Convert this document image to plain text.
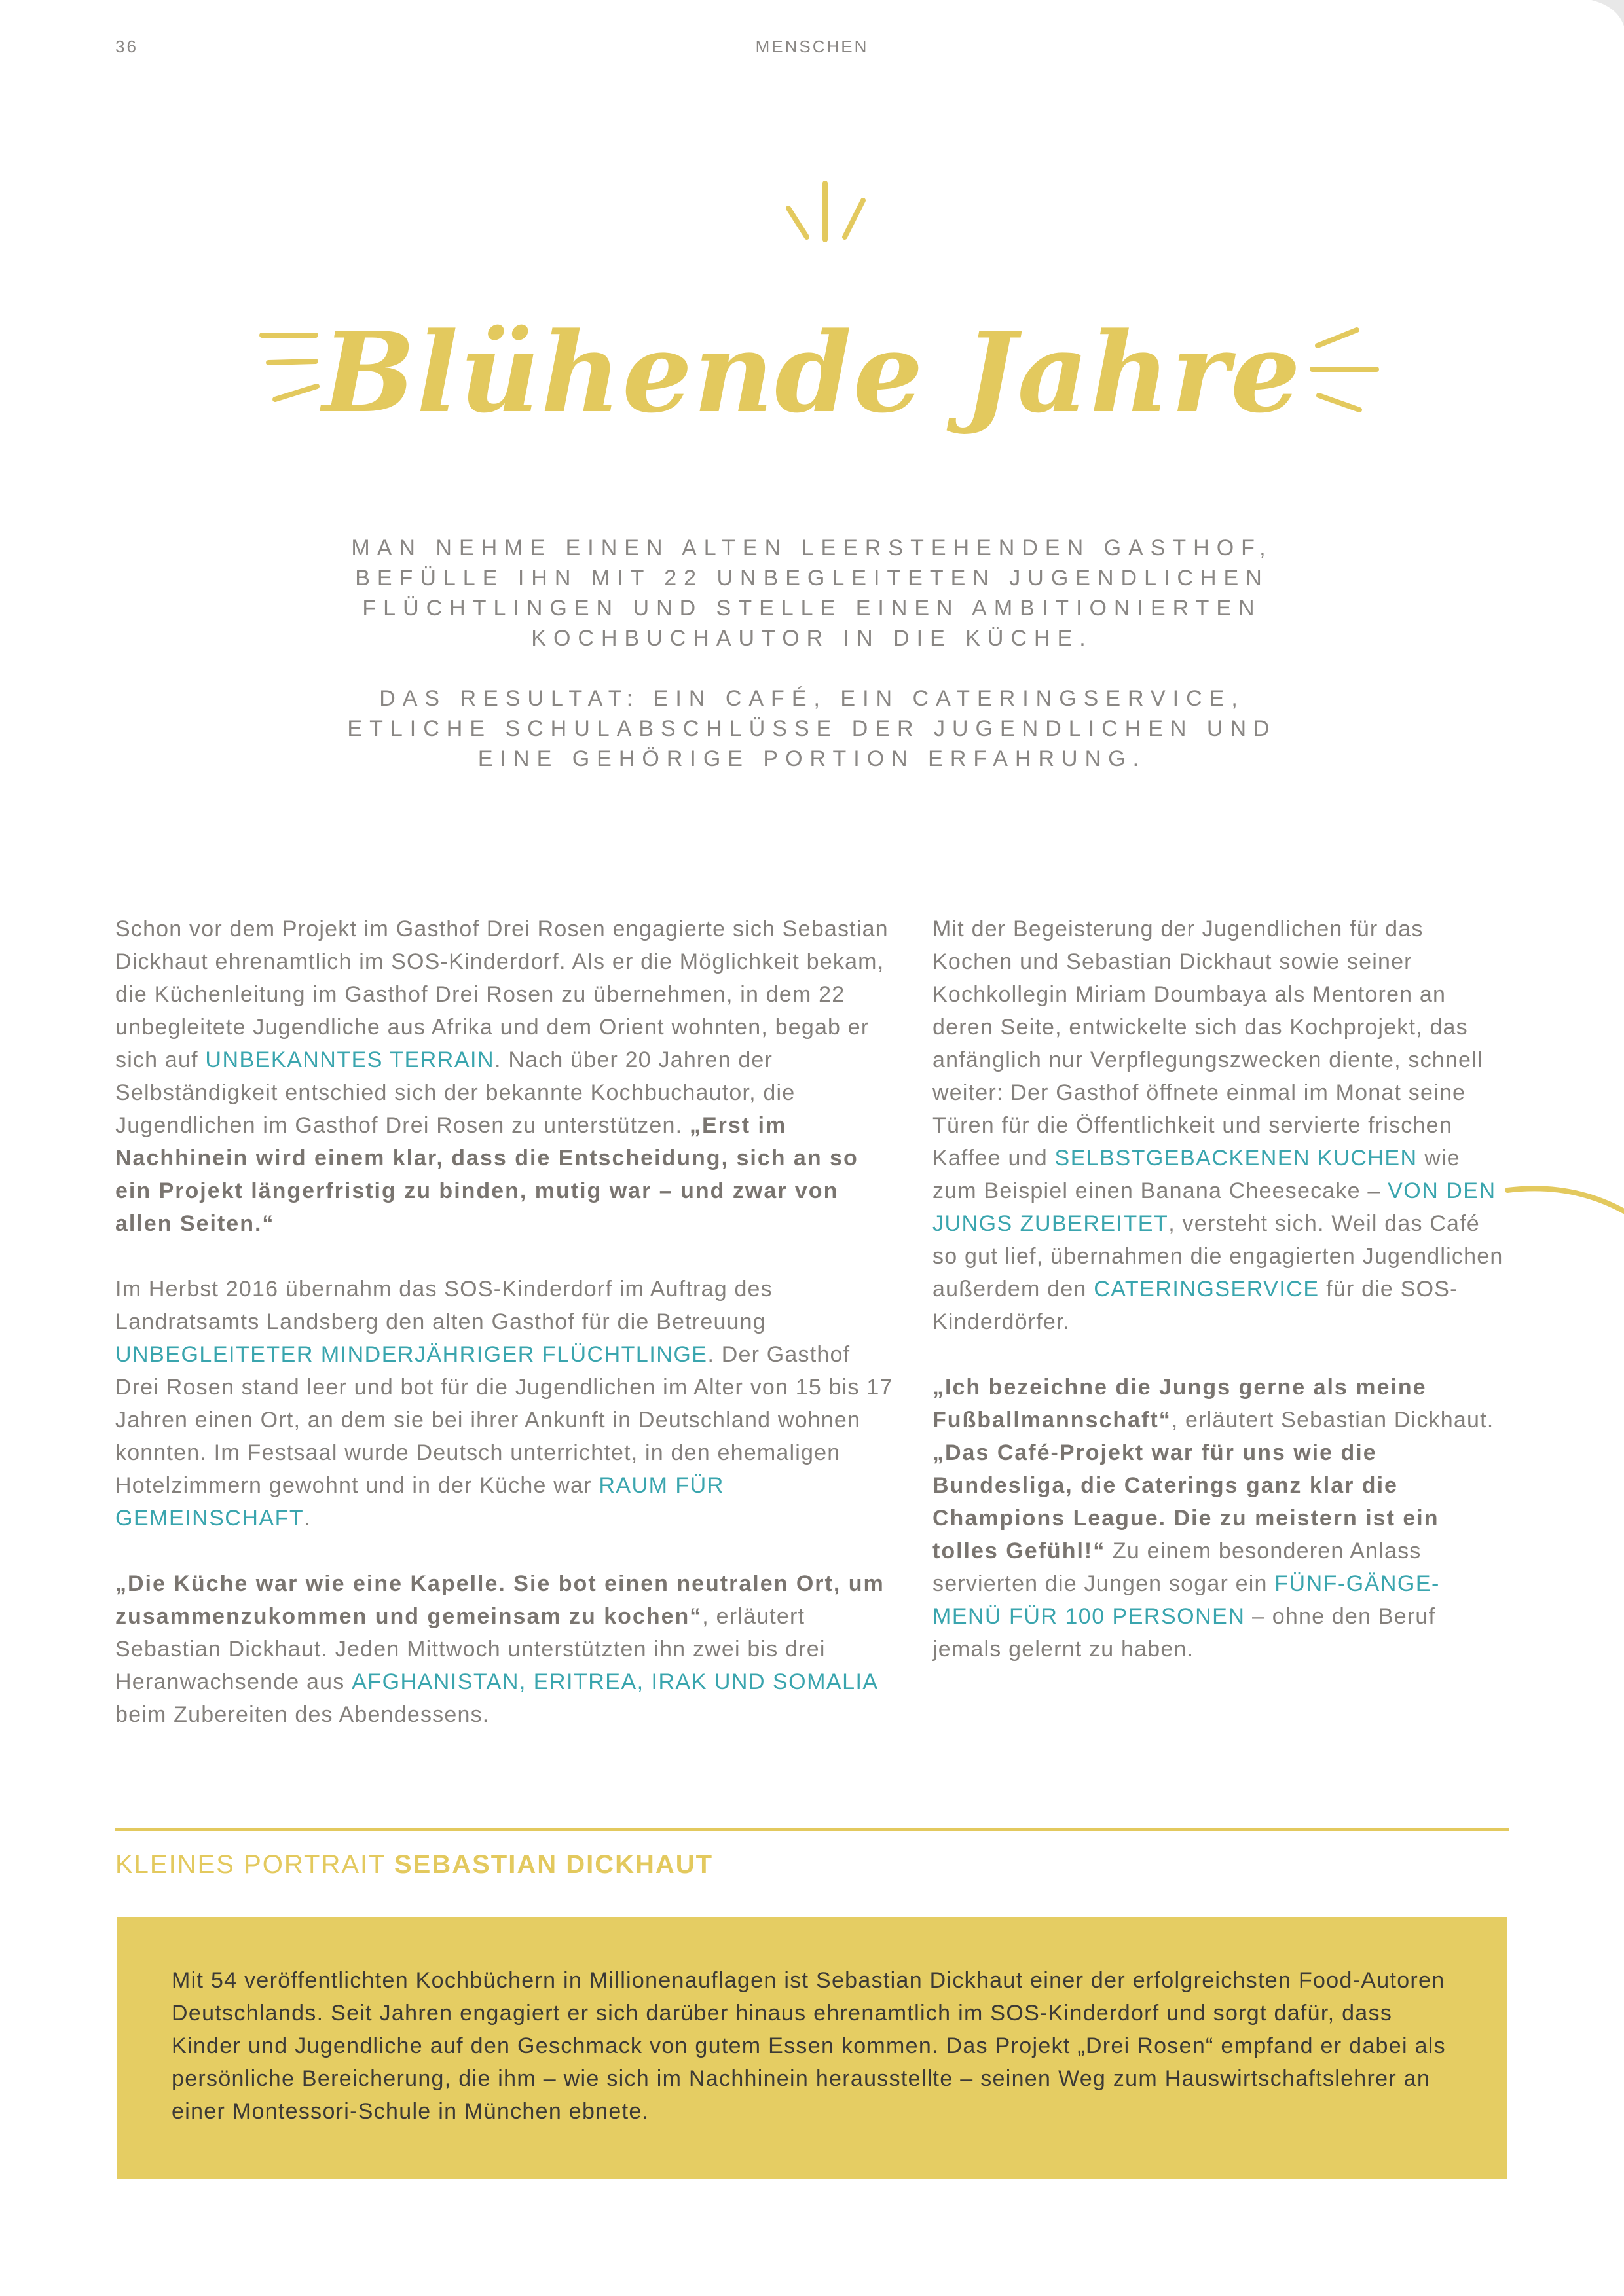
36	MENSCHEN
Blühende Jahre
MAN NEHME EINEN ALTEN LEERSTEHENDEN GASTHOF, BEFÜLLE IHN MIT 22 UNBEGLEITETEN JUGENDLICHEN FLÜCHTLINGEN UND STELLE EINEN AMBITIONIERTEN KOCHBUCHAUTOR IN DIE KÜCHE.
DAS RESULTAT: EIN CAFÉ, EIN CATERINGSERVICE, ETLICHE SCHULABSCHLÜSSE DER JUGENDLICHEN UND EINE GEHÖRIGE PORTION ERFAHRUNG.

Schon vor dem Projekt im Gasthof Drei Rosen engagierte sich Sebastian Dickhaut ehrenamtlich im SOS-Kinderdorf. Als er die Möglichkeit bekam, die Küchenleitung im Gasthof Drei Rosen zu übernehmen, in dem 22 unbegleitete Jugendliche aus Afrika und dem Orient wohnten, begab er sich auf UNBEKANNTES TERRAIN. Nach über 20 Jahren der Selbständigkeit entschied sich der bekannte Kochbuchautor, die Jugendlichen im Gasthof Drei Rosen zu unterstützen. „Erst im Nachhinein wird einem klar, dass die Entscheidung, sich an so ein Projekt längerfristig zu binden, mutig war – und zwar von allen Seiten.“

Im Herbst 2016 übernahm das SOS-Kinderdorf im Auftrag des Landratsamts Landsberg den alten Gasthof für die Betreuung UNBEGLEITETER MINDERJÄHRIGER FLÜCHTLINGE. Der Gasthof Drei Rosen stand leer und bot für die Jugendlichen im Alter von 15 bis 17 Jahren einen Ort, an dem sie bei ihrer Ankunft in Deutschland wohnen konnten. Im Festsaal wurde Deutsch unterrichtet, in den ehemaligen Hotelzimmern gewohnt und in der Küche war RAUM FÜR GEMEINSCHAFT.

„Die Küche war wie eine Kapelle. Sie bot einen neutralen Ort, um zusammenzukommen und gemeinsam zu kochen“, erläutert Sebastian Dickhaut. Jeden Mittwoch unterstützten ihn zwei bis drei Heranwachsende aus AFGHANISTAN, ERITREA, IRAK UND SOMALIA beim Zubereiten des Abendessens.

Mit der Begeisterung der Jugendlichen für das Kochen und Sebastian Dickhaut sowie seiner Kochkollegin Miriam Doumbaya als Mentoren an deren Seite, entwickelte sich das Kochprojekt, das anfänglich nur Verpflegungszwecken diente, schnell weiter: Der Gasthof öffnete einmal im Monat seine Türen für die Öffentlichkeit und servierte frischen Kaffee und SELBSTGEBACKENEN KUCHEN wie zum Beispiel einen Banana Cheesecake – VON DEN JUNGS ZUBEREITET, versteht sich. Weil das Café so gut lief, übernahmen die engagierten Jugendlichen außerdem den CATERINGSERVICE für die SOS-Kinderdörfer.

„Ich bezeichne die Jungs gerne als meine Fußballmannschaft“, erläutert Sebastian Dickhaut. „Das Café-Projekt war für uns wie die Bundesliga, die Caterings ganz klar die Champions League. Die zu meistern ist ein tolles Gefühl!“ Zu einem besonderen Anlass servierten die Jungen sogar ein FÜNF-GÄNGE-MENÜ FÜR 100 PERSONEN – ohne den Beruf jemals gelernt zu haben.

KLEINES PORTRAIT SEBASTIAN DICKHAUT
Mit 54 veröffentlichten Kochbüchern in Millionenauflagen ist Sebastian Dickhaut einer der erfolgreichsten Food-Autoren Deutschlands. Seit Jahren engagiert er sich darüber hinaus ehrenamtlich im SOS-Kinderdorf und sorgt dafür, dass Kinder und Jugendliche auf den Geschmack von gutem Essen kommen. Das Projekt „Drei Rosen“ empfand er dabei als persönliche Bereicherung, die ihm – wie sich im Nachhinein herausstellte – seinen Weg zum Hauswirtschaftslehrer an einer Montessori-Schule in München ebnete.
